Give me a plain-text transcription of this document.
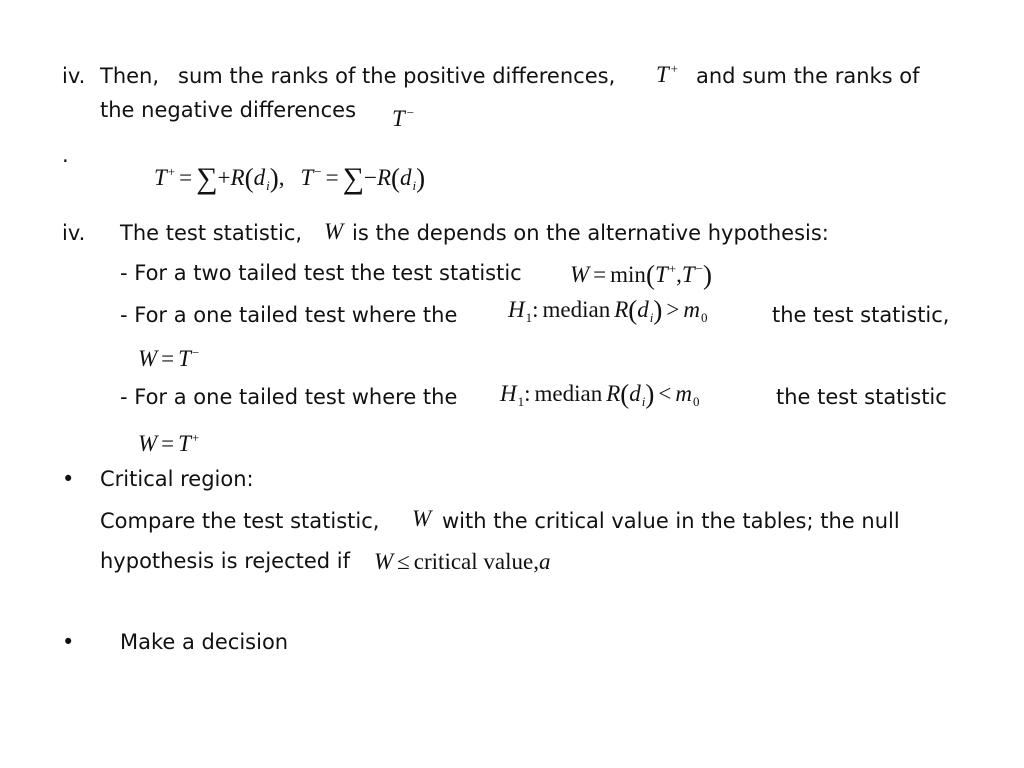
iv. Then, sum the ranks of the positive differences, T+ and sum the ranks of
the negative differences T−
.
$T^+ = \sum+R(d_i)$, $T^- = \sum-R(d_i)$
iv. The test statistic, W is the depends on the alternative hypothesis:
- For a two tailed test the test statistic W = min(T+,T−)
- For a one tailed test where the $H_1$: median $R(d_i) > m_0$	the test statistic,
W = T−
- For a one tailed test where the $H_1$: median $R(d_i) < m_0$	the test statistic
W = T+
• Critical region:
Compare the test statistic, W with the critical value in the tables; the null
hypothesis is rejected if W ≤ critical value,a
• Make a decision
